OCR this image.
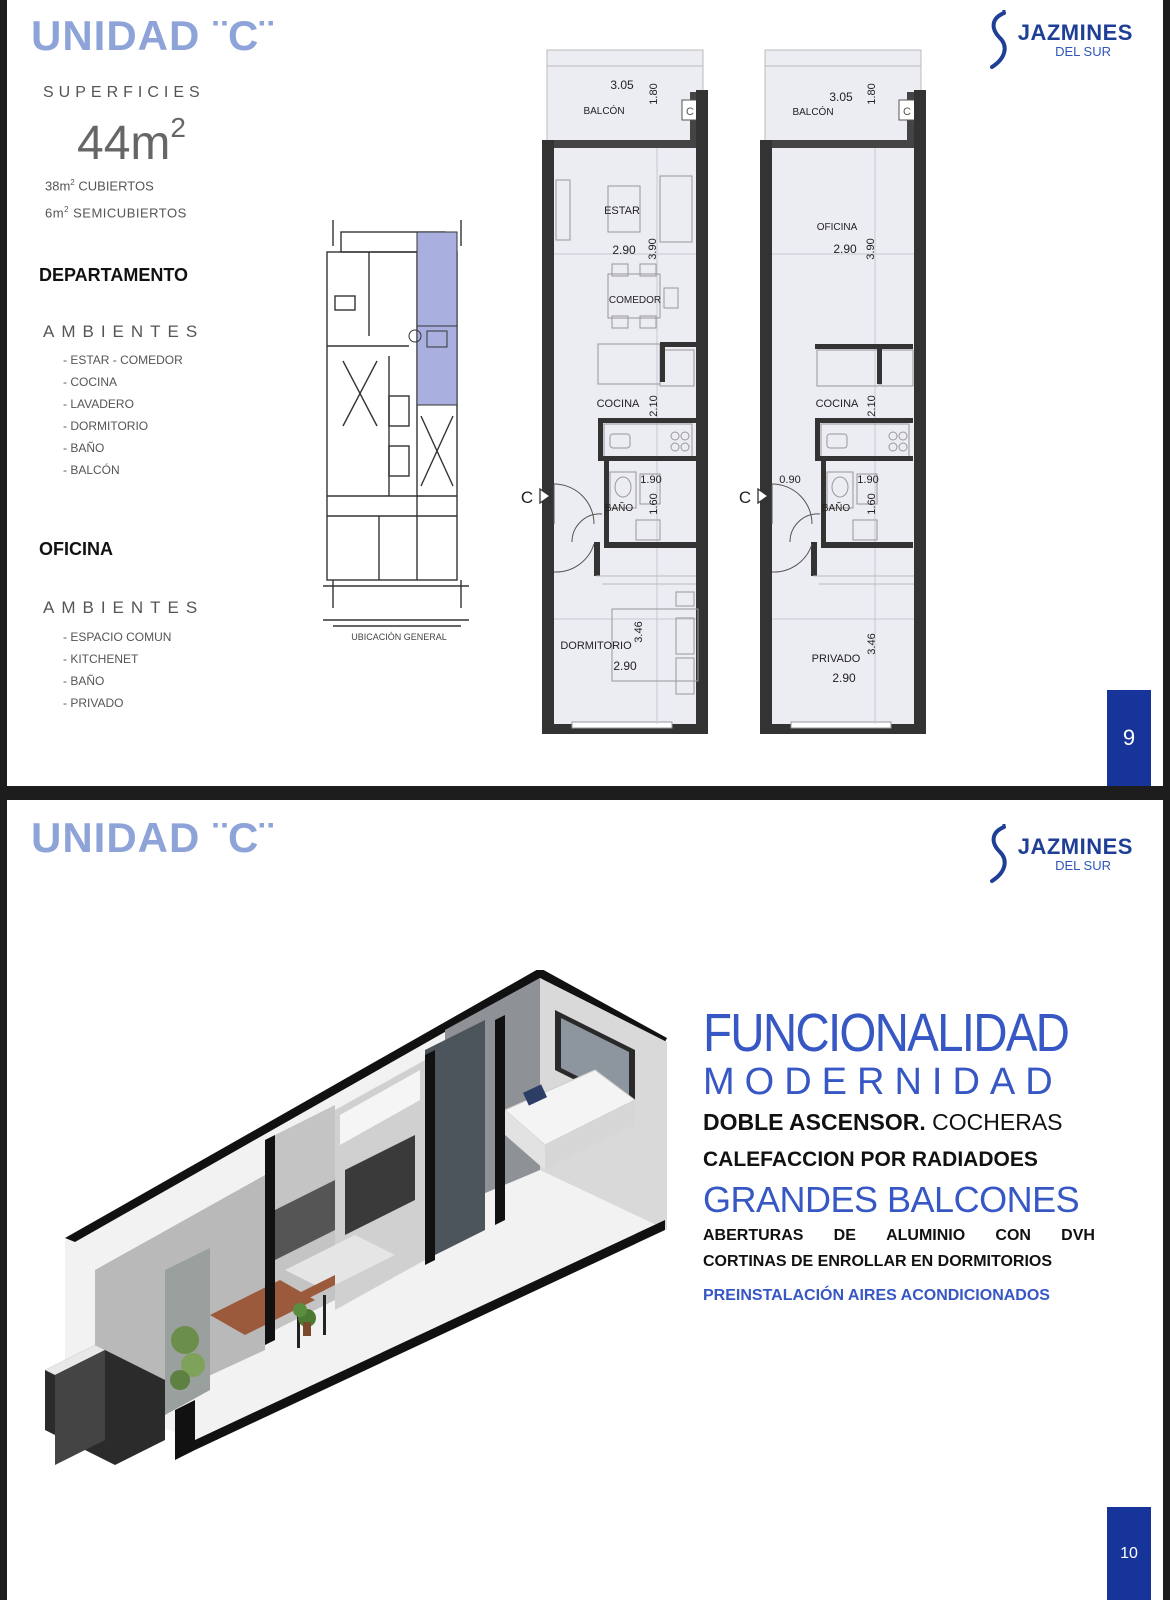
UNIDAD ¨C¨	JAZMINES
DEL SUR
SUPERFICIES
$44m^2$
$38m^2$ CUBIERTOS
$6m^2$ SEMICUBIERTOS
DEPARTAMENTO
AMBIENTES
- ESTAR - COMEDOR
- COCINA
- LAVADERO
- DORMITORIO
- BAÑO
- BALCÓN
OFICINA
AMBIENTES
- ESPACIO COMUN
- KITCHENET
- BAÑO
- PRIVADO
UBICACIÓN GENERAL
C
3.05
BALCÓN
1.80
C
ESTAR
2.90 3.90
COMEDOR
COCINA 2.10
1.90
BAÑO 1.60
DORMITORIO
2.90
3.46
C
3.05
BALCÓN
1.80
C
0.90
OFICINA
2.90 3.90
COCINA 2.10
1.90
BAÑO 1.60
PRIVADO
2.90
3.46
9
UNIDAD ¨C¨	JAZMINES
DEL SUR
FUNCIONALIDAD
MODERNIDAD
DOBLE ASCENSOR. COCHERAS
CALEFACCION POR RADIADOES
GRANDES BALCONES
ABERTURAS DE ALUMINIO CON DVH
CORTINAS DE ENROLLAR EN DORMITORIOS
PREINSTALACIÓN AIRES ACONDICIONADOS
10
